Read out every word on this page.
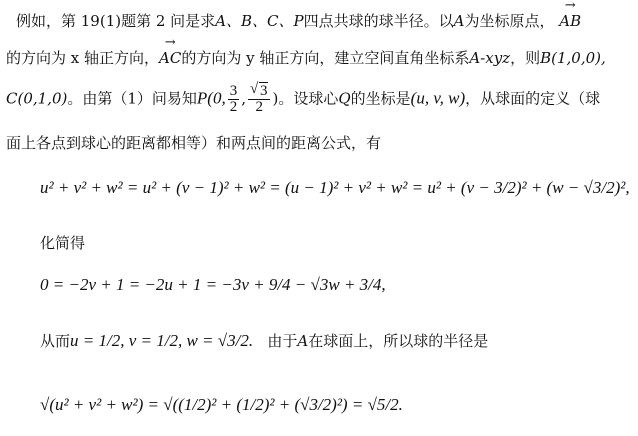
例如，第 19(1)题第 2 问是求A、B、C、P四点共球的球半径。以A为坐标原点， → AB
的方向为 x 轴正方向，→ AC的方向为 y 轴正方向，建立空间直角坐标系A-xyz，则B(1,0,0),
C(0,1,0)。由第（1）问易知P(0, $\frac{3}{2}$ , √ $\frac{3}{2}$ )。设球心Q的坐标是(u, v, w)，从球面的定义（球
面上各点到球心的距离都相等）和两点间的距离公式，有
u² + v² + w² = u² + (v − 1)² + w² = (u − 1)² + v² + w² = u² + (v − 3/2)² + (w − √3/2)²,
化简得
0 = −2v + 1 = −2u + 1 = −3v + 9/4 − √3w + 3/4,
从而u = 1/2, v = 1/2, w = √3/2. 由于A在球面上，所以球的半径是
√(u² + v² + w²) = √((1/2)² + (1/2)² + (√3/2)²) = √5/2.
